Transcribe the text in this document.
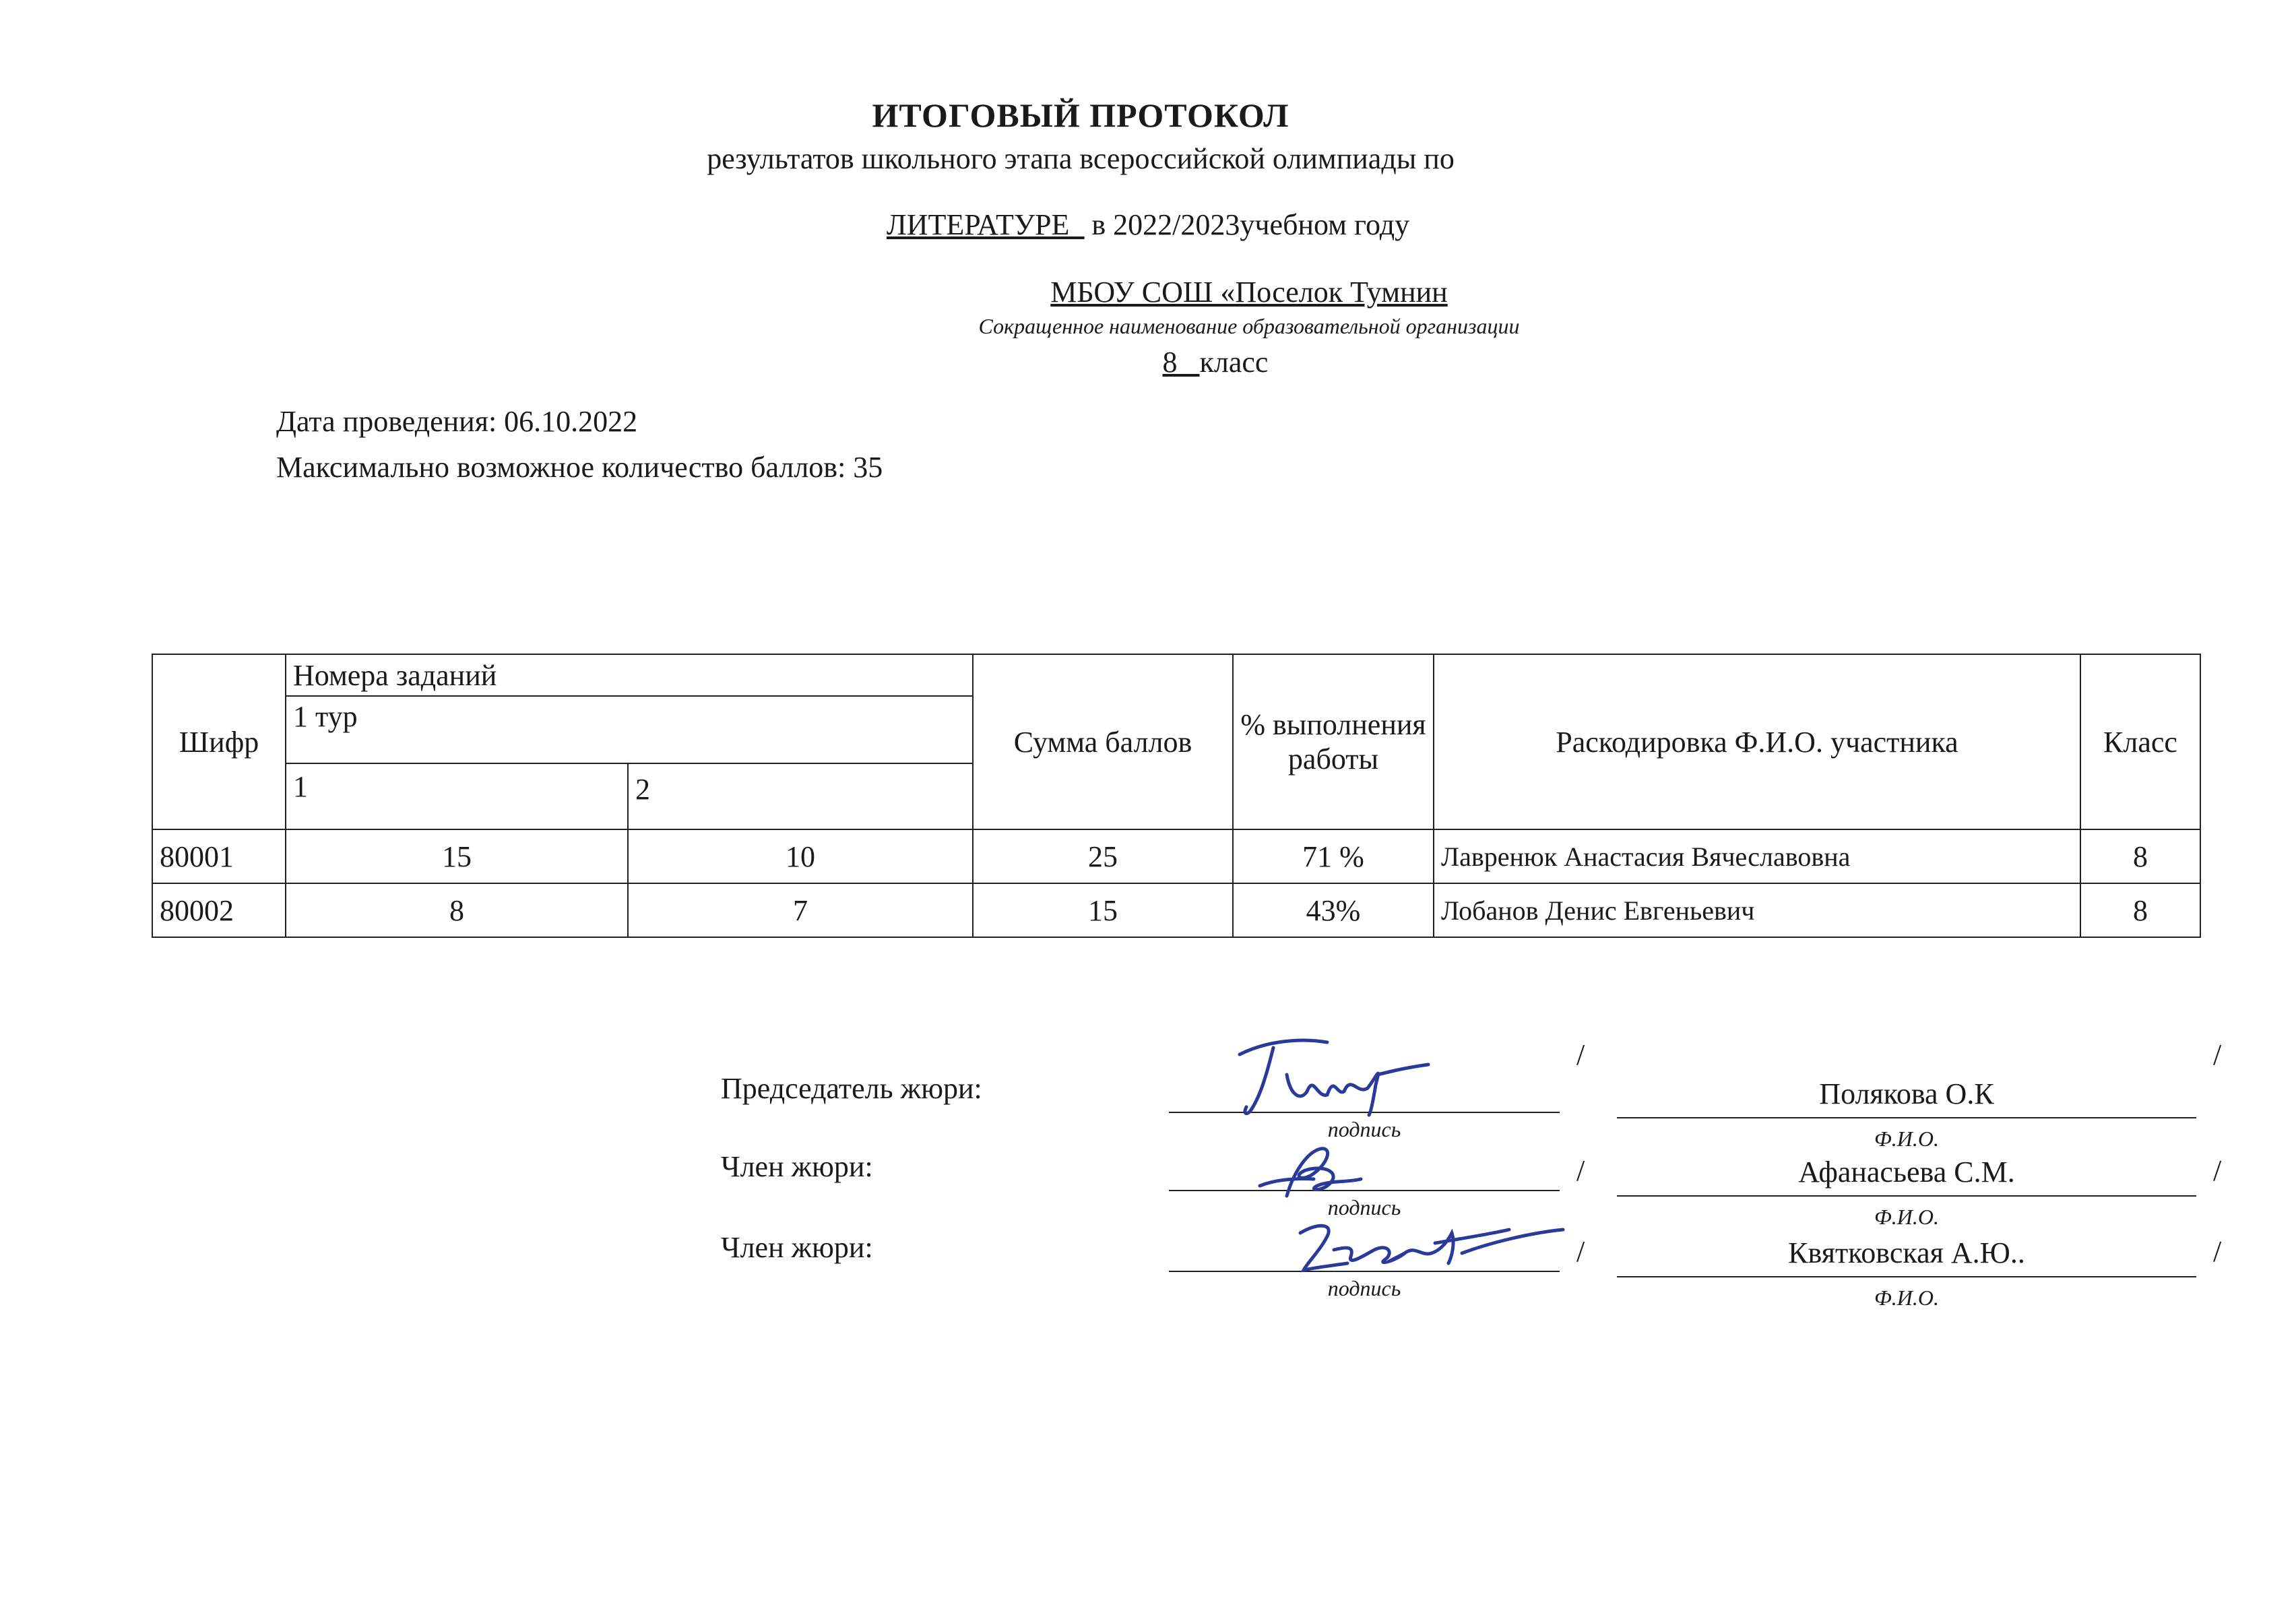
ИТОГОВЫЙ ПРОТОКОЛ
результатов школьного этапа всероссийской олимпиады по
ЛИТЕРАТУРЕ_ в 2022/2023учебном году
МБОУ СОШ «Поселок Тумнин
Сокращенное наименование образовательной организации
8 класс
Дата проведения: 06.10.2022
Максимально возможное количество баллов: 35
Шифр	Номера заданий		Сумма баллов	% выполнения работы	Раскодировка Ф.И.О. участника	Класс
	1 тур					
	1	2				
80001	15	10	25	71 %	Лавренюк Анастасия Вячеславовна	8
80002	8	7	15	43%	Лобанов Денис Евгеньевич	8
Председатель жюри:
подпись
/
Полякова О.К
Ф.И.О.
/
Член жюри:
подпись
/	Афанасьева С.М.
Ф.И.О.
/
Член жюри:
подпись
/	Квятковская А.Ю..
Ф.И.О.
/
